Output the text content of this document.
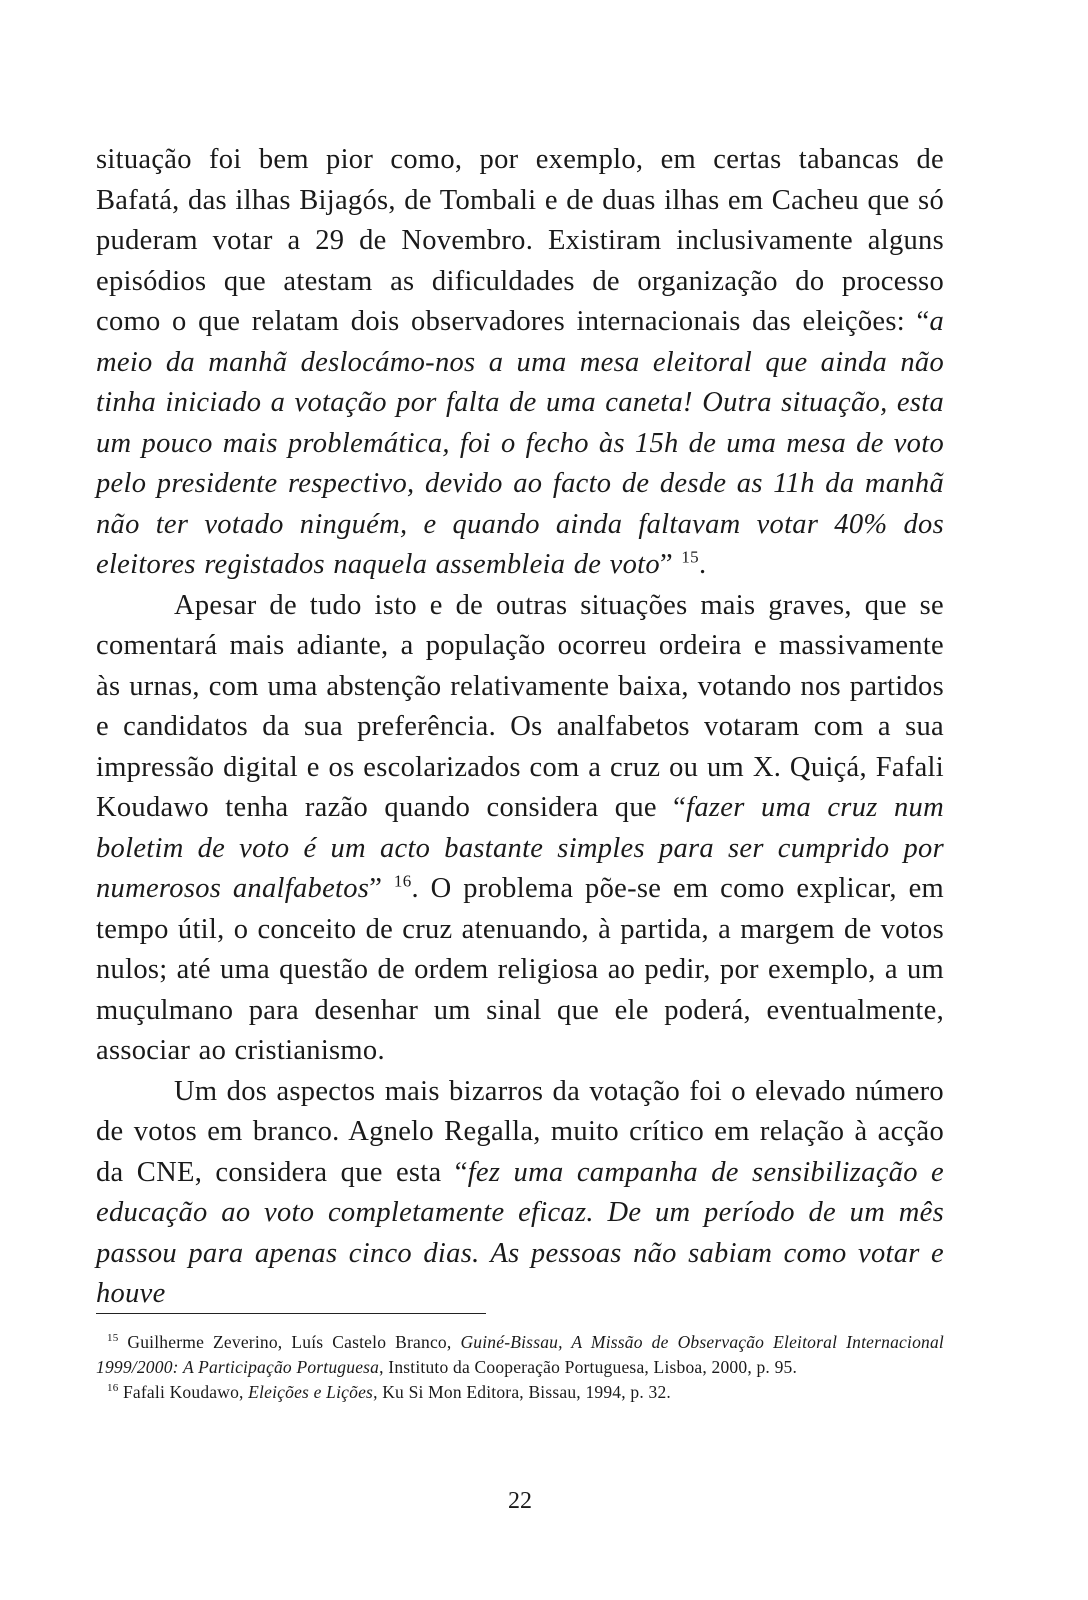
situação foi bem pior como, por exemplo, em certas tabancas de Bafatá, das ilhas Bijagós, de Tombali e de duas ilhas em Cacheu que só puderam votar a 29 de Novembro. Existiram inclusivamente alguns episódios que atestam as dificuldades de organização do processo como o que relatam dois observadores internacionais das eleições: “a meio da manhã deslocámo-nos a uma mesa eleitoral que ainda não tinha iniciado a votação por falta de uma caneta! Outra situação, esta um pouco mais problemática, foi o fecho às 15h de uma mesa de voto pelo presidente respectivo, devido ao facto de desde as 11h da manhã não ter votado ninguém, e quando ainda faltavam votar 40% dos eleitores registados naquela assembleia de voto” $^{15}$.

Apesar de tudo isto e de outras situações mais graves, que se comentará mais adiante, a população ocorreu ordeira e massivamente às urnas, com uma abstenção relativamente baixa, votando nos partidos e candidatos da sua preferência. Os analfabetos votaram com a sua impressão digital e os escolarizados com a cruz ou um X. Quiçá, Fafali Koudawo tenha razão quando considera que “fazer uma cruz num boletim de voto é um acto bastante simples para ser cumprido por numerosos analfabetos” $^{16}$. O problema põe-se em como explicar, em tempo útil, o conceito de cruz atenuando, à partida, a margem de votos nulos; até uma questão de ordem religiosa ao pedir, por exemplo, a um muçulmano para desenhar um sinal que ele poderá, eventualmente, associar ao cristianismo.

Um dos aspectos mais bizarros da votação foi o elevado número de votos em branco. Agnelo Regalla, muito crítico em relação à acção da CNE, considera que esta “fez uma campanha de sensibilização e educação ao voto completamente eficaz. De um período de um mês passou para apenas cinco dias. As pessoas não sabiam como votar e houve

$^{15}$ Guilherme Zeverino, Luís Castelo Branco, Guiné-Bissau, A Missão de Observação Eleitoral Internacional 1999/2000: A Participação Portuguesa, Instituto da Cooperação Portuguesa, Lisboa, 2000, p. 95.

$^{16}$ Fafali Koudawo, Eleições e Lições, Ku Si Mon Editora, Bissau, 1994, p. 32.

22
